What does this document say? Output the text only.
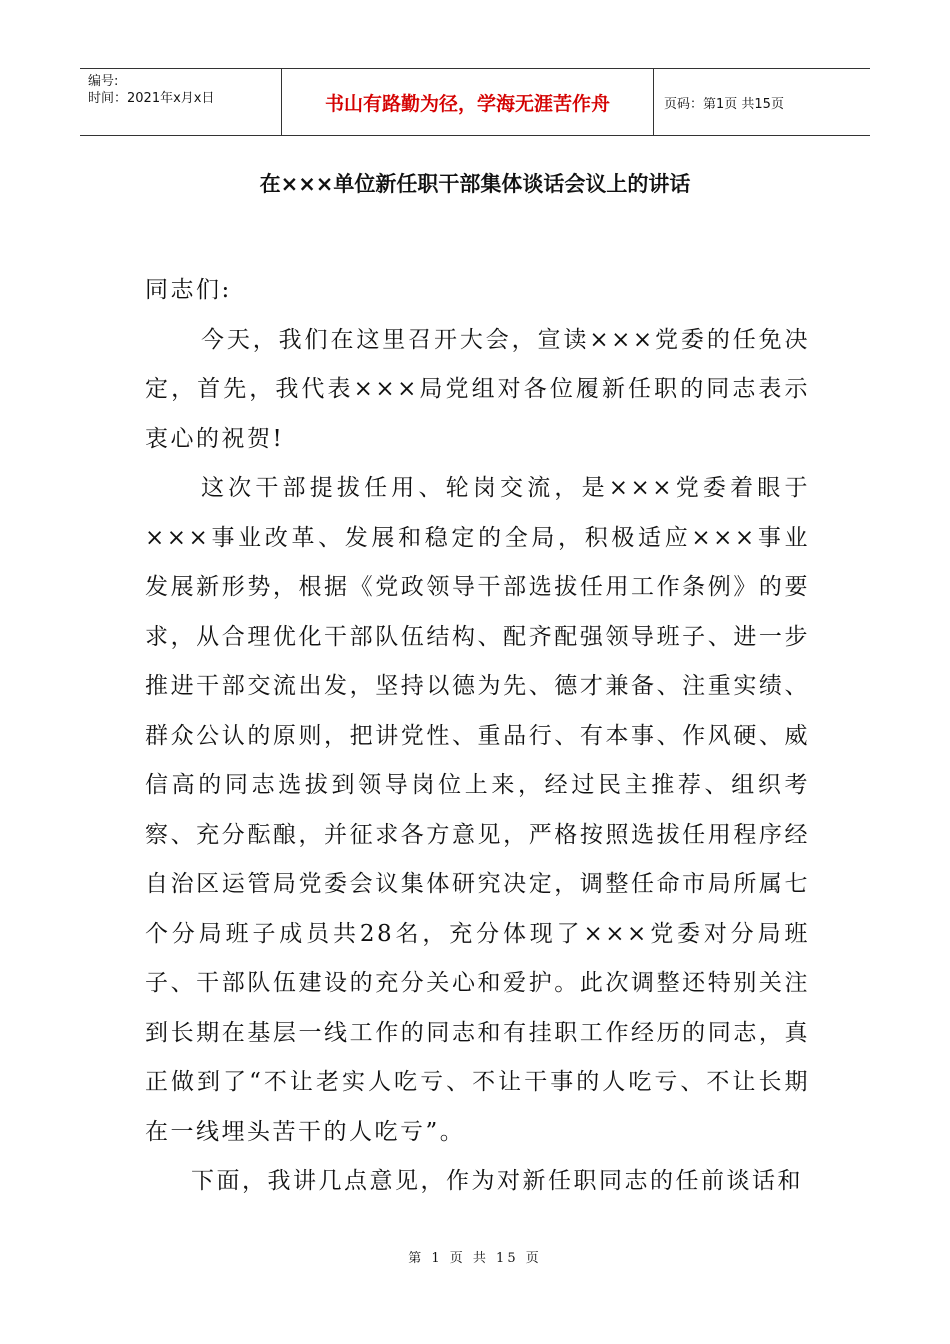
编号:
时间：2021年x月x日	书山有路勤为径，学海无涯苦作舟	页码：第1页 共15页
在×××单位新任职干部集体谈话会议上的讲话

同志们:

今天，我们在这里召开大会，宣读×××党委的任免决定，首先，我代表×××局党组对各位履新任职的同志表示衷心的祝贺!

这次干部提拔任用、轮岗交流，是×××党委着眼于×××事业改革、发展和稳定的全局，积极适应×××事业发展新形势，根据《党政领导干部选拔任用工作条例》的要求，从合理优化干部队伍结构、配齐配强领导班子、进一步推进干部交流出发，坚持以德为先、德才兼备、注重实绩、群众公认的原则，把讲党性、重品行、有本事、作风硬、威信高的同志选拔到领导岗位上来，经过民主推荐、组织考察、充分酝酿，并征求各方意见，严格按照选拔任用程序经自治区运管局党委会议集体研究决定，调整任命市局所属七个分局班子成员共28名，充分体现了×××党委对分局班子、干部队伍建设的充分关心和爱护。此次调整还特别关注到长期在基层一线工作的同志和有挂职工作经历的同志，真正做到了“不让老实人吃亏、不让干事的人吃亏、不让长期在一线埋头苦干的人吃亏”。

下面，我讲几点意见，作为对新任职同志的任前谈话和

第 1 页 共 15 页
